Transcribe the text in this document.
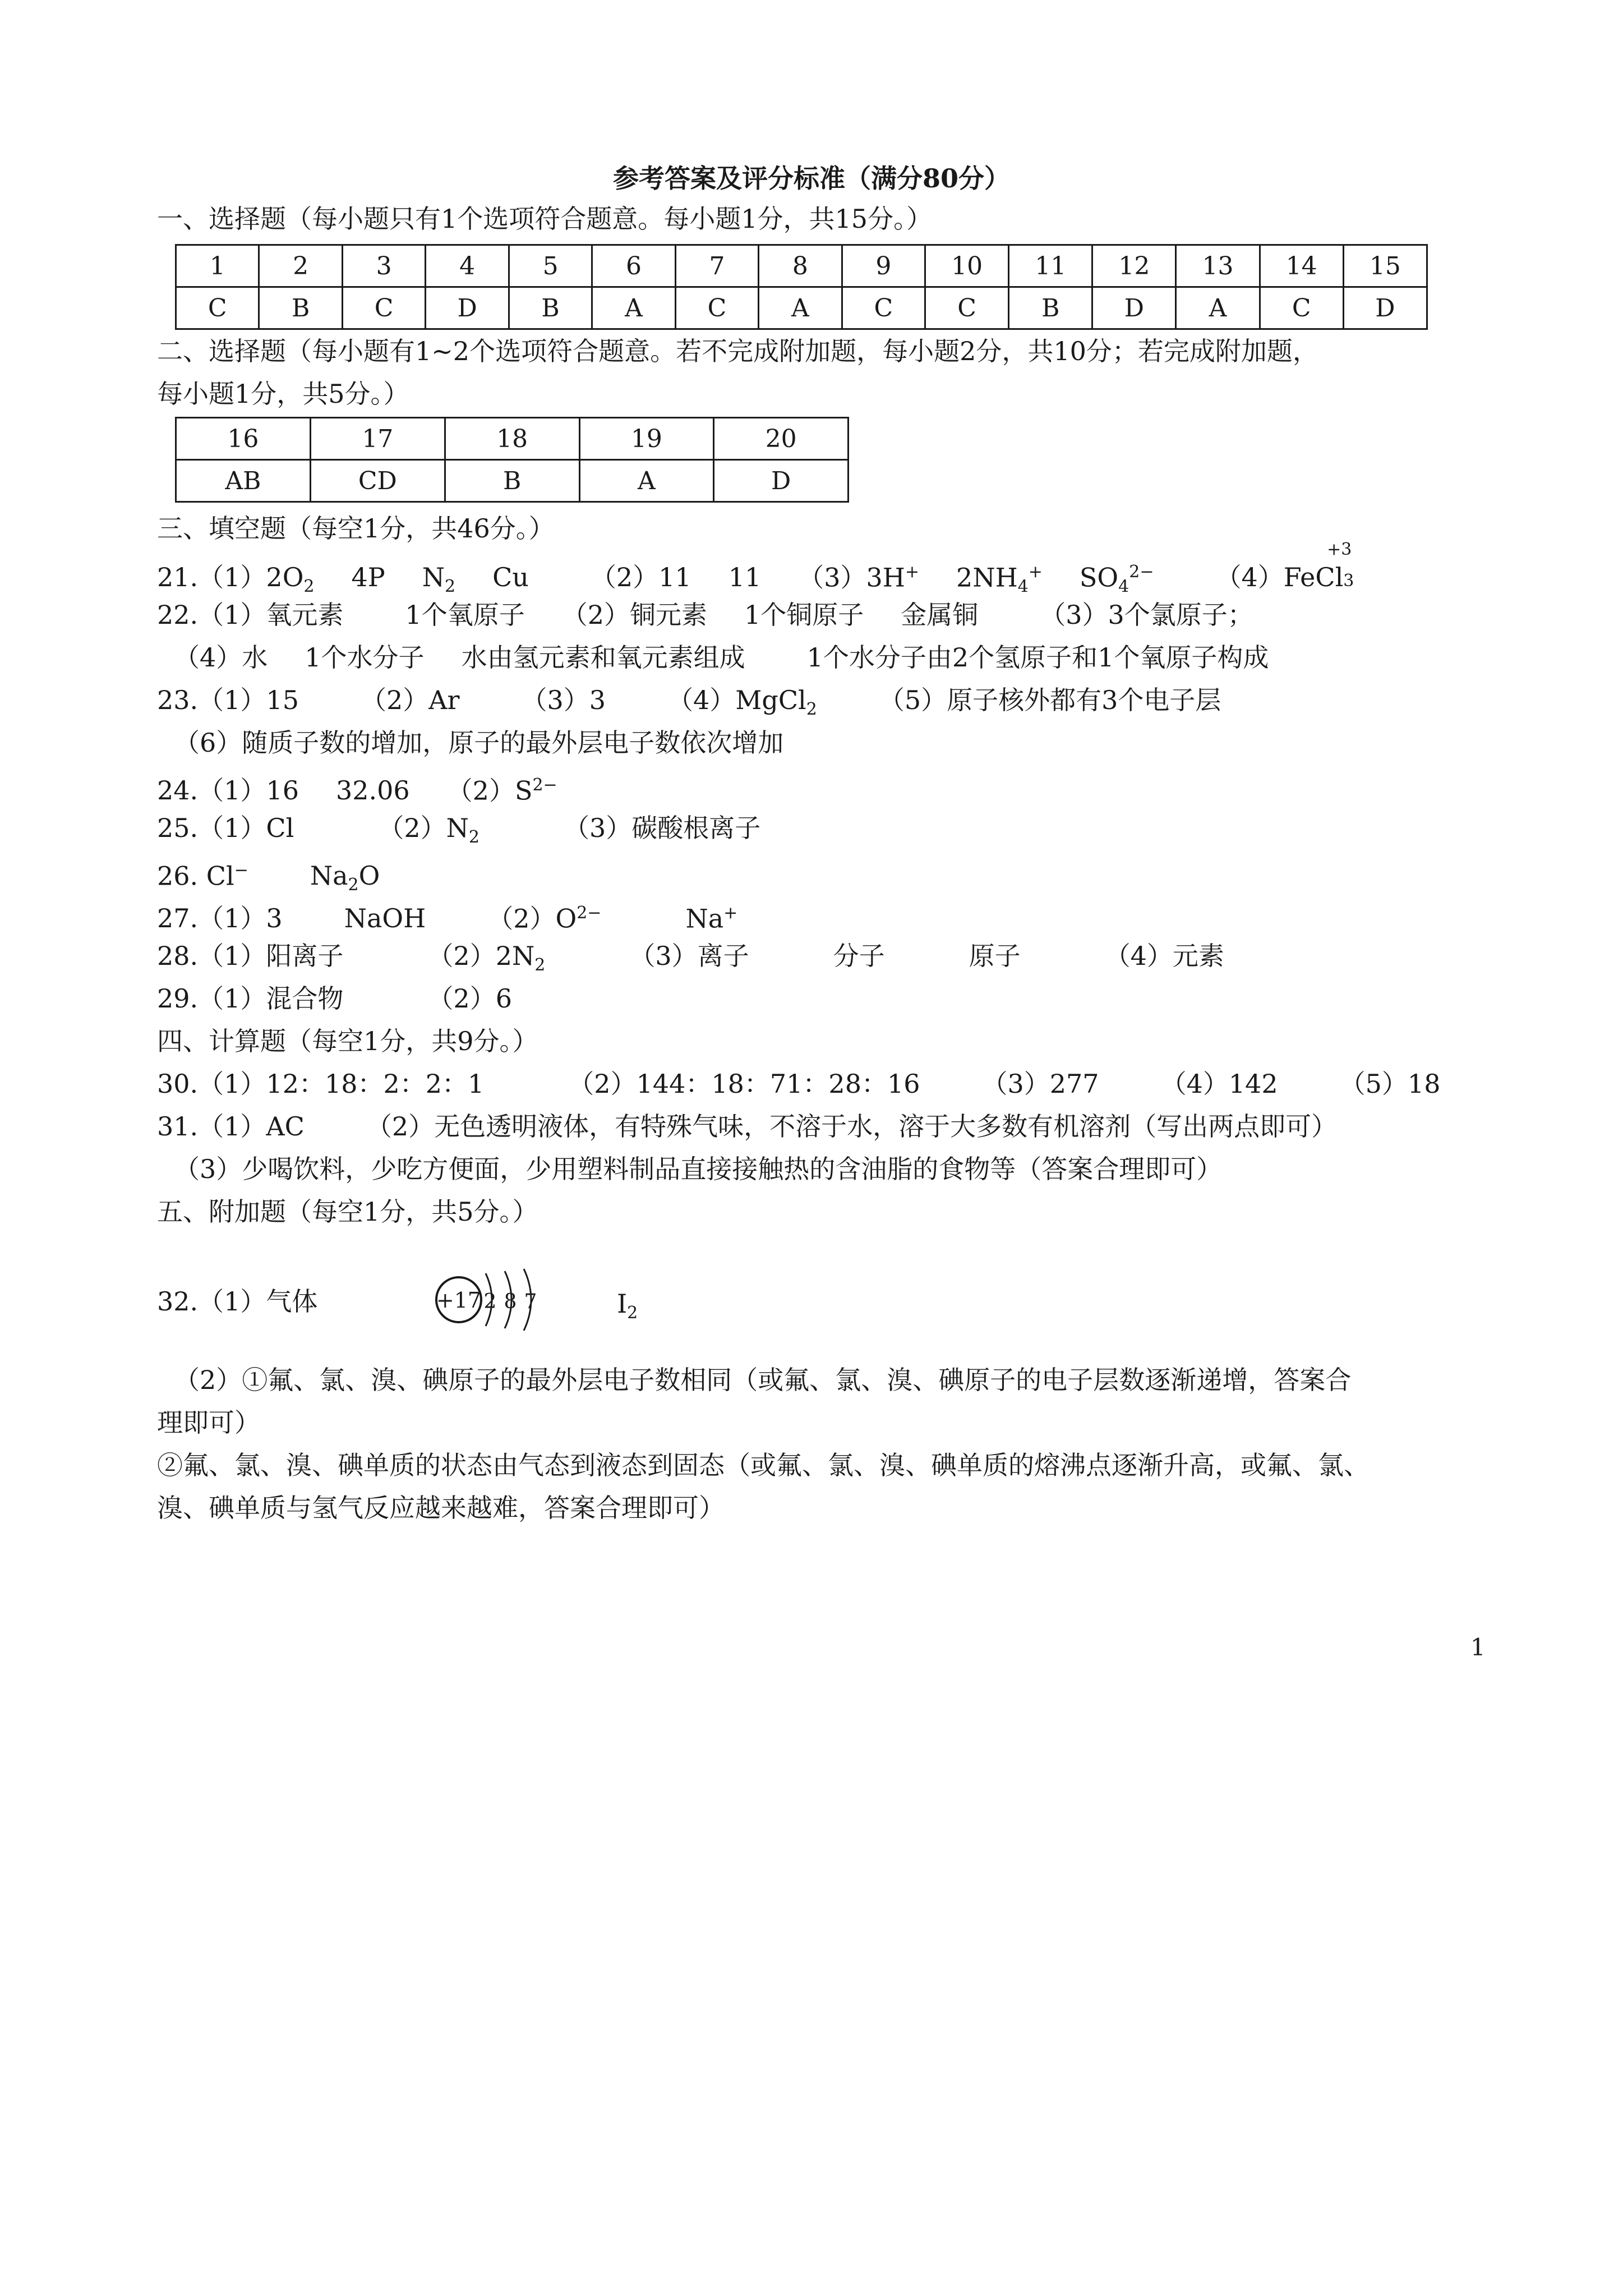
参考答案及评分标准（满分80分）
一、选择题（每小题只有1个选项符合题意。每小题1分，共15分。）
1	2	3	4	5	6	7	8	9	10	11	12	13	14	15
C	B	C	D	B	A	C	A	C	C	B	D	A	C	D
二、选择题（每小题有1~2个选项符合题意。若不完成附加题，每小题2分，共10分；若完成附加题，
每小题1分，共5分。）
16	17	18	19	20
AB	CD	B	A	D
三、填空题（每空1分，共46分。）
$21.(1)2O_2$ 4P $N_2$ Cu （2）11 11 （3）3H+ $2NH_4^+$ $SO_4^{2-}$ （4）FeCl3
+3
22.（1）氧元素 1个氧原子 （2）铜元素 1个铜原子 金属铜 （3）3个氯原子；
（4）水 1个水分子 水由氢元素和氧元素组成 1个水分子由2个氢原子和1个氧原子构成
23.（1）15 （2）Ar （3）3 （4）MgCl$_2$ （5）原子核外都有3个电子层
（6）随质子数的增加，原子的最外层电子数依次增加
24.（1）16 32.06 $(2)S^{2-}$
25.（1）Cl	$(2)N_2$	（3）碳酸根离子
26. Cl− $Na_2O$
27.（1）3 NaOH $(2)O^{2-}$	Na+
28.（1）阳离子	$(2)2N_2$	（3）离子	分子	原子	（4）元素
29.（1）混合物	（2）6
四、计算题（每空1分，共9分。）
30.（1）12：18：2：2：1	（2）144：18：71：28：16 （3）277 （4）142 （5）18
31.（1）AC （2）无色透明液体，有特殊气味，不溶于水，溶于大多数有机溶剂（写出两点即可）
（3）少喝饮料，少吃方便面，少用塑料制品直接接触热的含油脂的食物等（答案合理即可）
五、附加题（每空1分，共5分。）
32.（1）气体	+17 2 8 7	$I_2$
（2）①氟、氯、溴、碘原子的最外层电子数相同（或氟、氯、溴、碘原子的电子层数逐渐递增，答案合
理即可）
②氟、氯、溴、碘单质的状态由气态到液态到固态（或氟、氯、溴、碘单质的熔沸点逐渐升高，或氟、氯、
溴、碘单质与氢气反应越来越难，答案合理即可）
1
